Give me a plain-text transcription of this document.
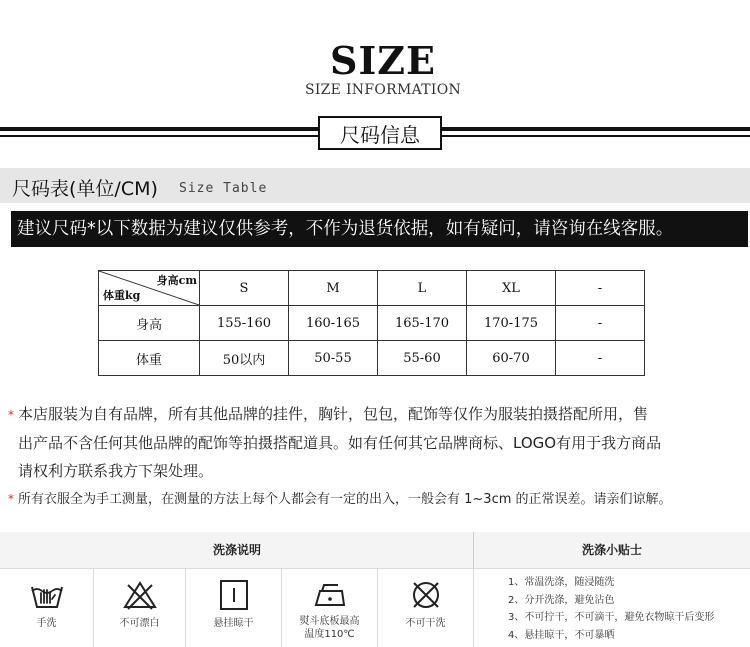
SIZE
SIZE INFORMATION
尺码信息
尺码表(单位/CM) Size Table
建议尺码*以下数据为建议仅供参考，不作为退货依据，如有疑问，请咨询在线客服。
身高cm
体重kg	S	M	L	XL	-
身高	155-160	160-165	165-170	170-175	-
体重	50以内	50-55	55-60	60-70	-

* 本店服装为自有品牌，所有其他品牌的挂件，胸针，包包，配饰等仅作为服装拍摄搭配所用，售

出产品不含任何其他品牌的配饰等拍摄搭配道具。如有任何其它品牌商标、LOGO有用于我方商品

请权利方联系我方下架处理。

* 所有衣服全为手工测量，在测量的方法上每个人都会有一定的出入，一般会有 1~3cm 的正常误差。请亲们谅解。
洗涤说明	洗涤小贴士
手洗	不可漂白	悬挂晾干	熨斗底板最高
温度110℃
不可干洗
1、常温洗涤，随浸随洗
2、分开洗涤，避免沾色
3、不可拧干，不可滴干，避免衣物晾干后变形
4、悬挂晾干，不可暴晒
